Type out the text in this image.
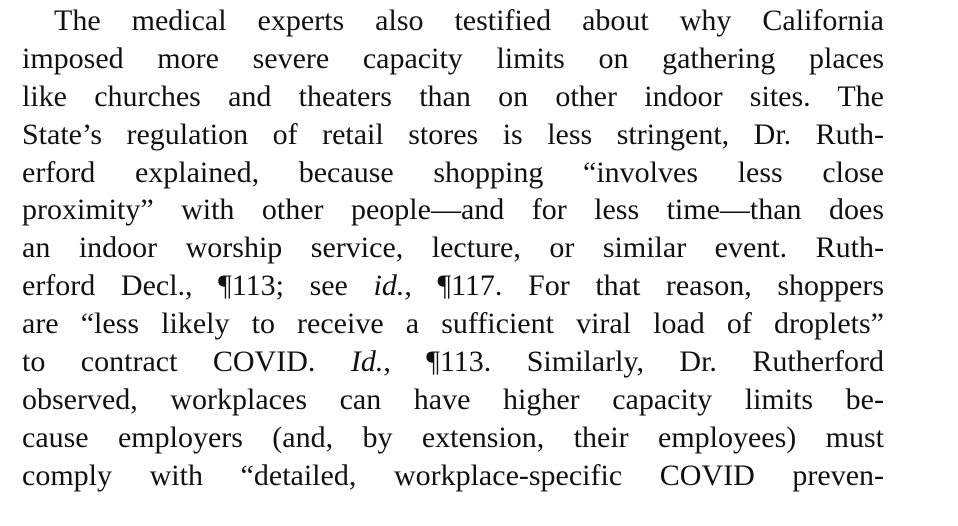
The medical experts also testified about why California
imposed more severe capacity limits on gathering places
like churches and theaters than on other indoor sites. The
State’s regulation of retail stores is less stringent, Dr. Ruth-
erford explained, because shopping “involves less close
proximity” with other people—and for less time—than does
an indoor worship service, lecture, or similar event. Ruth-
erford Decl., ¶113; see id., ¶117. For that reason, shoppers
are “less likely to receive a sufficient viral load of droplets”
to contract COVID. Id., ¶113. Similarly, Dr. Rutherford
observed, workplaces can have higher capacity limits be-
cause employers (and, by extension, their employees) must
comply with “detailed, workplace-specific COVID preven-
